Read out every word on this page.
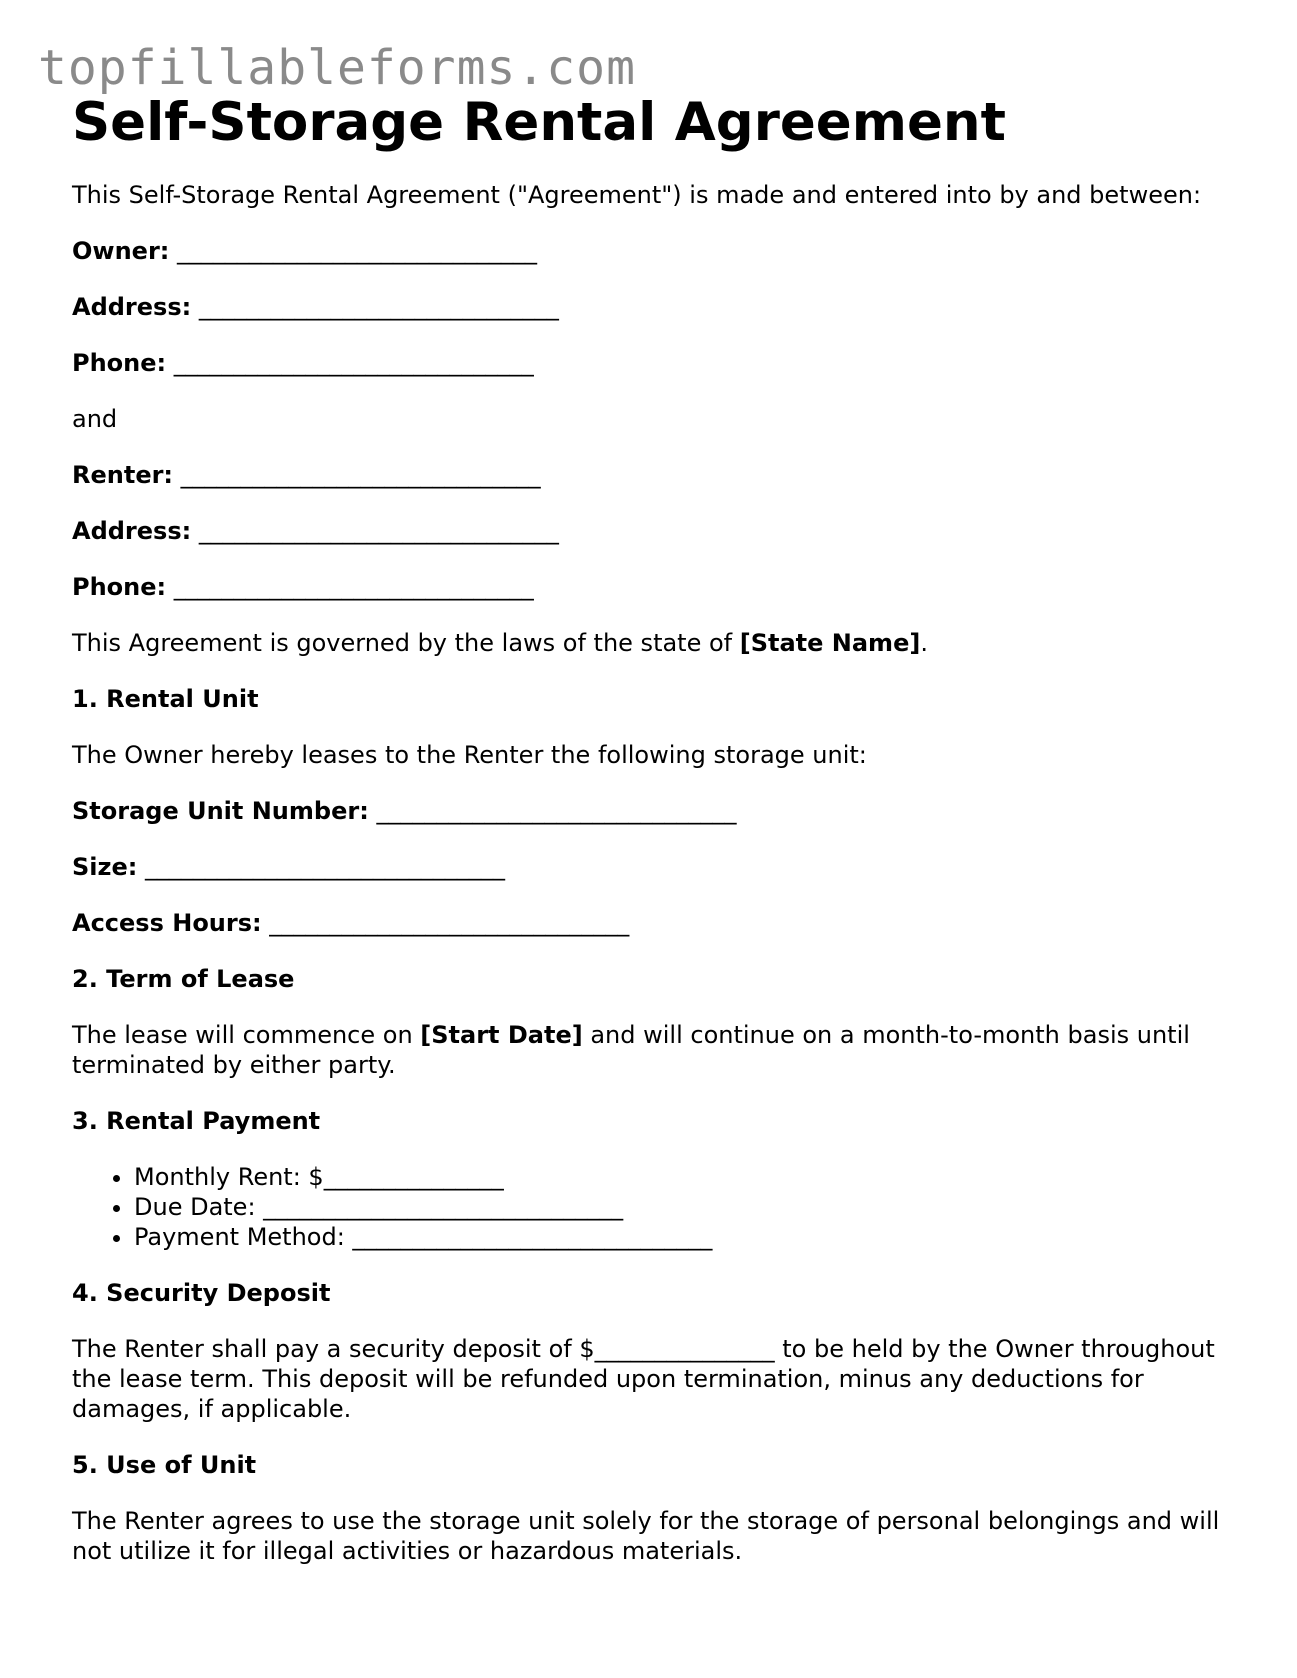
topfillableforms.com
Self-Storage Rental Agreement

This Self-Storage Rental Agreement ("Agreement") is made and entered into by and between:

Owner: ______________________________

Address: ______________________________

Phone: ______________________________

and

Renter: ______________________________

Address: ______________________________

Phone: ______________________________

This Agreement is governed by the laws of the state of [State Name].

1. Rental Unit

The Owner hereby leases to the Renter the following storage unit:

Storage Unit Number: ______________________________

Size: ______________________________

Access Hours: ______________________________

2. Term of Lease

The lease will commence on [Start Date] and will continue on a month-to-month basis until terminated by either party.

3. Rental Payment
• Monthly Rent: $_______________
• Due Date: ______________________________
• Payment Method: ______________________________
4. Security Deposit

The Renter shall pay a security deposit of $_______________ to be held by the Owner throughout the lease term. This deposit will be refunded upon termination, minus any deductions for damages, if applicable.

5. Use of Unit

The Renter agrees to use the storage unit solely for the storage of personal belongings and will not utilize it for illegal activities or hazardous materials.
